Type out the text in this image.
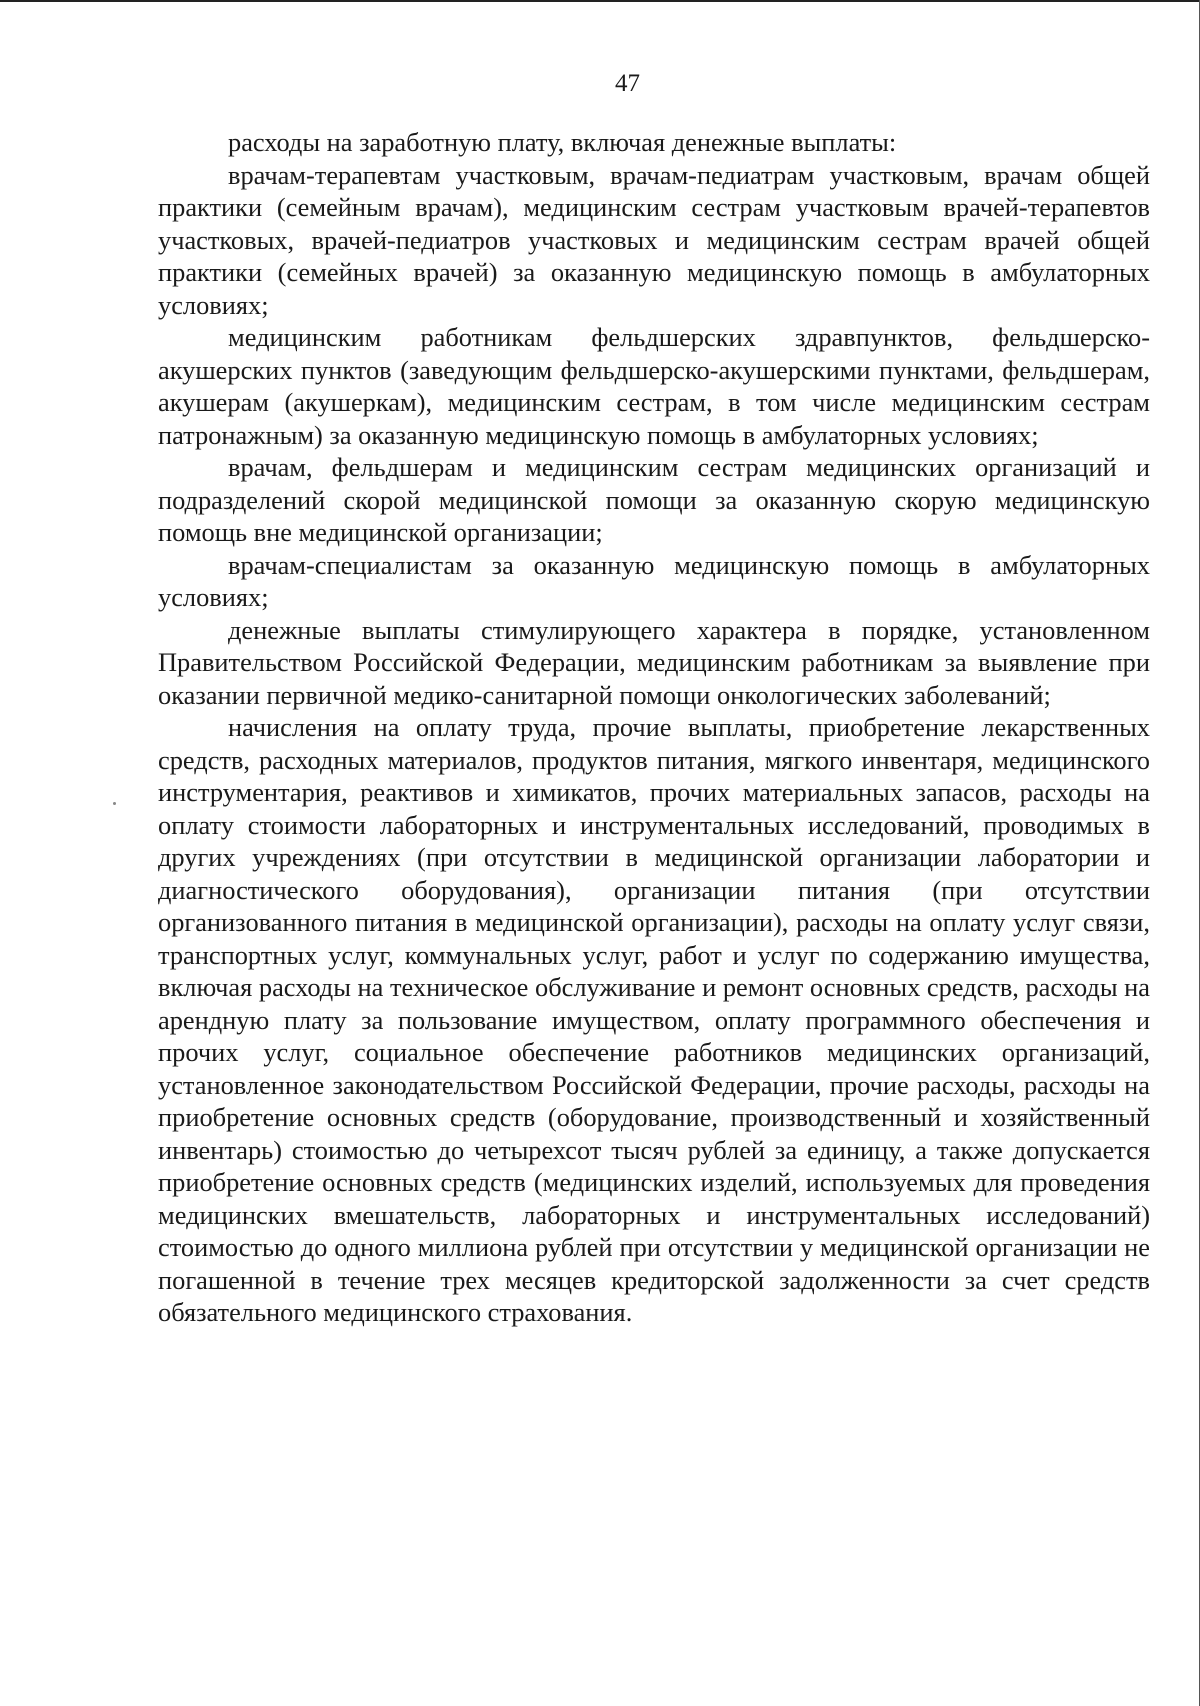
47

расходы на заработную плату, включая денежные выплаты:

врачам-терапевтам участковым, врачам-педиатрам участковым, врачам общей практики (семейным врачам), медицинским сестрам участковым врачей-терапевтов участковых, врачей-педиатров участковых и медицинским сестрам врачей общей практики (семейных врачей) за оказанную медицинскую помощь в амбулаторных условиях;

медицинским работникам фельдшерских здравпунктов, фельдшерско-акушерских пунктов (заведующим фельдшерско-акушерскими пунктами, фельдшерам, акушерам (акушеркам), медицинским сестрам, в том числе медицинским сестрам патронажным) за оказанную медицинскую помощь в амбулаторных условиях;

врачам, фельдшерам и медицинским сестрам медицинских организаций и подразделений скорой медицинской помощи за оказанную скорую медицинскую помощь вне медицинской организации;

врачам-специалистам за оказанную медицинскую помощь в амбулаторных условиях;

денежные выплаты стимулирующего характера в порядке, установленном Правительством Российской Федерации, медицинским работникам за выявление при оказании первичной медико-санитарной помощи онкологических заболеваний;

начисления на оплату труда, прочие выплаты, приобретение лекарственных средств, расходных материалов, продуктов питания, мягкого инвентаря, медицинского инструментария, реактивов и химикатов, прочих материальных запасов, расходы на оплату стоимости лабораторных и инструментальных исследований, проводимых в других учреждениях (при отсутствии в медицинской организации лаборатории и диагностического оборудования), организации питания (при отсутствии организованного питания в медицинской организации), расходы на оплату услуг связи, транспортных услуг, коммунальных услуг, работ и услуг по содержанию имущества, включая расходы на техническое обслуживание и ремонт основных средств, расходы на арендную плату за пользование имуществом, оплату программного обеспечения и прочих услуг, социальное обеспечение работников медицинских организаций, установленное законодательством Российской Федерации, прочие расходы, расходы на приобретение основных средств (оборудование, производственный и хозяйственный инвентарь) стоимостью до четырехсот тысяч рублей за единицу, а также допускается приобретение основных средств (медицинских изделий, используемых для проведения медицинских вмешательств, лабораторных и инструментальных исследований) стоимостью до одного миллиона рублей при отсутствии у медицинской организации не погашенной в течение трех месяцев кредиторской задолженности за счет средств обязательного медицинского страхования.
